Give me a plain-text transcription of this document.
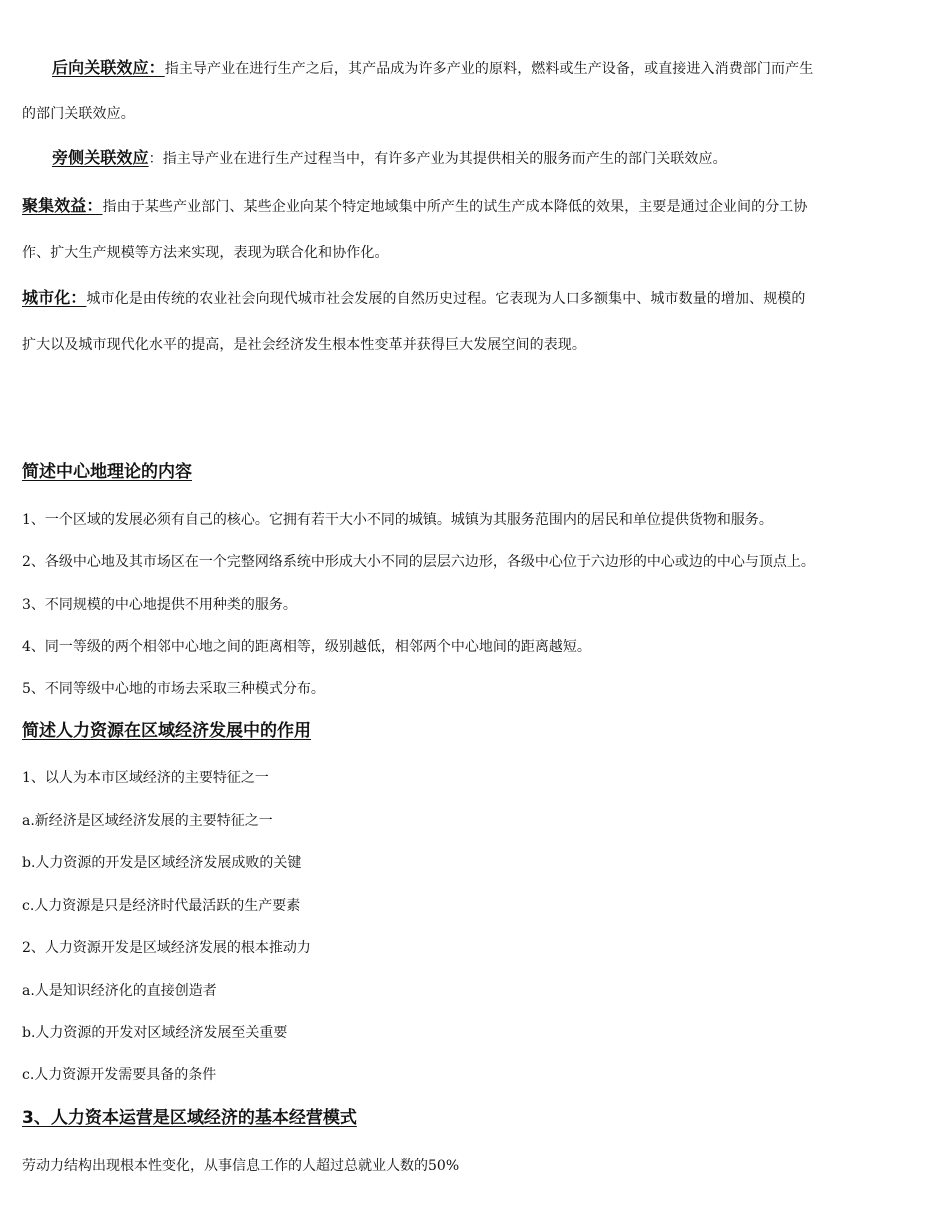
后向关联效应：指主导产业在进行生产之后，其产品成为许多产业的原料，燃料或生产设备，或直接进入消费部门而产生
的部门关联效应。
旁侧关联效应：指主导产业在进行生产过程当中，有许多产业为其提供相关的服务而产生的部门关联效应。
聚集效益：指由于某些产业部门、某些企业向某个特定地域集中所产生的试生产成本降低的效果，主要是通过企业间的分工协
作、扩大生产规模等方法来实现，表现为联合化和协作化。
城市化：城市化是由传统的农业社会向现代城市社会发展的自然历史过程。它表现为人口多额集中、城市数量的增加、规模的
扩大以及城市现代化水平的提高，是社会经济发生根本性变革并获得巨大发展空间的表现。
简述中心地理论的内容
1、一个区域的发展必须有自己的核心。它拥有若干大小不同的城镇。城镇为其服务范围内的居民和单位提供货物和服务。
2、各级中心地及其市场区在一个完整网络系统中形成大小不同的层层六边形，各级中心位于六边形的中心或边的中心与顶点上。
3、不同规模的中心地提供不用种类的服务。
4、同一等级的两个相邻中心地之间的距离相等，级别越低，相邻两个中心地间的距离越短。
5、不同等级中心地的市场去采取三种模式分布。
简述人力资源在区域经济发展中的作用
1、以人为本市区域经济的主要特征之一
a.新经济是区域经济发展的主要特征之一
b.人力资源的开发是区域经济发展成败的关键
c.人力资源是只是经济时代最活跃的生产要素
2、人力资源开发是区域经济发展的根本推动力
a.人是知识经济化的直接创造者
b.人力资源的开发对区域经济发展至关重要
c.人力资源开发需要具备的条件
3、人力资本运营是区域经济的基本经营模式
劳动力结构出现根本性变化，从事信息工作的人超过总就业人数的50%
